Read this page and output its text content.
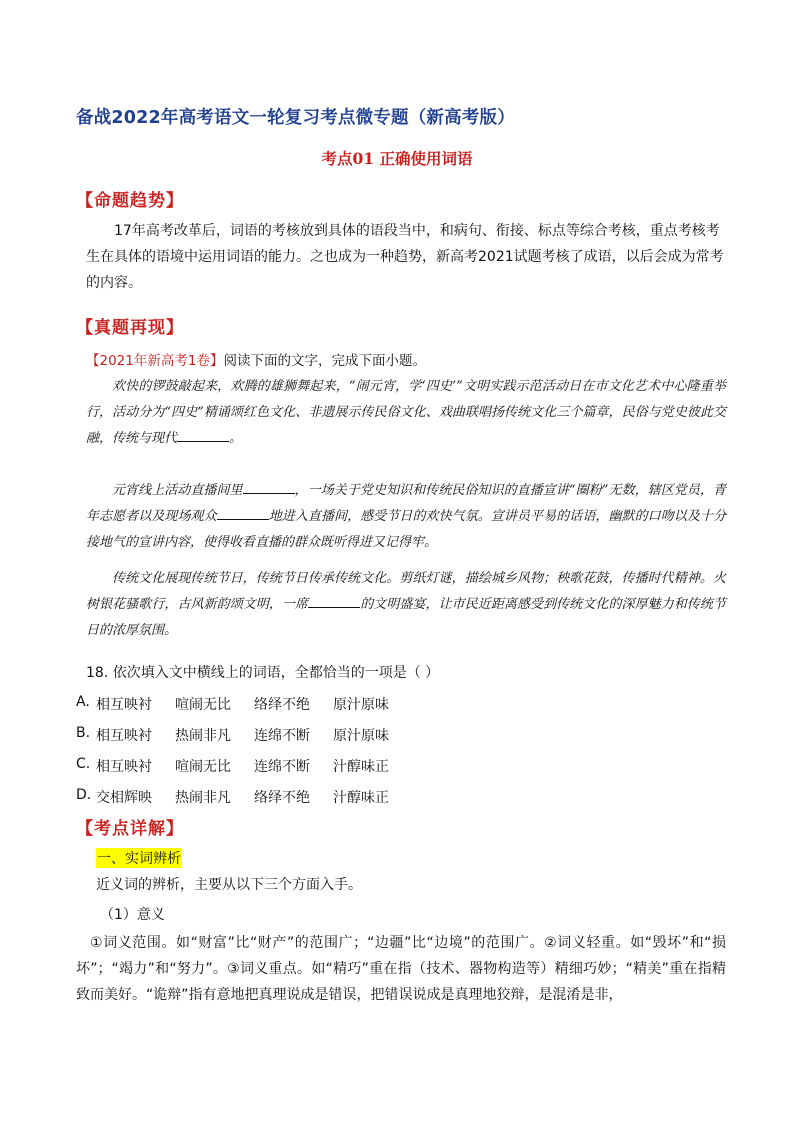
备战2022年高考语文一轮复习考点微专题（新高考版）
考点01 正确使用词语
【命题趋势】
17年高考改革后，词语的考核放到具体的语段当中，和病句、衔接、标点等综合考核，重点考核考生在具体的语境中运用词语的能力。之也成为一种趋势，新高考2021试题考核了成语，以后会成为常考的内容。
【真题再现】
【2021年新高考1卷】阅读下面的文字，完成下面小题。
欢快的锣鼓敲起来，欢腾的雄狮舞起来，“闹元宵，学‘四史’”文明实践示范活动日在市文化艺术中心隆重举行，活动分为“四史”精诵颂红色文化、非遗展示传民俗文化、戏曲联唱扬传统文化三个篇章，民俗与党史彼此交融，传统与现代	。
元宵线上活动直播间里	，一场关于党史知识和传统民俗知识的直播宣讲“圈粉”无数，辖区党员，青年志愿者以及现场观众	地进入直播间，感受节日的欢快气氛。宣讲员平易的话语，幽默的口吻以及十分接地气的宣讲内容，使得收看直播的群众既听得进又记得牢。
传统文化展现传统节日，传统节日传承传统文化。剪纸灯谜，描绘城乡风物；秧歌花鼓，传播时代精神。火树银花骚歌行，古风新韵颂文明，一席	的文明盛宴，让市民近距离感受到传统文化的深厚魅力和传统节日的浓厚氛围。
18. 依次填入文中横线上的词语，全都恰当的一项是（ ）
A. 相互映衬	喧闹无比	络绎不绝	原汁原味
B. 相互映衬	热闹非凡	连绵不断	原汁原味
C. 相互映衬	喧闹无比	连绵不断	汁醇味正
D. 交相辉映	热闹非凡	络绎不绝	汁醇味正
【考点详解】
一、实词辨析
近义词的辨析，主要从以下三个方面入手。
（1）意义
①词义范围。如“财富”比“财产”的范围广；“边疆”比“边境”的范围广。②词义轻重。如“毁坏”和“损坏”；“竭力”和“努力”。③词义重点。如“精巧”重在指（技术、器物构造等）精细巧妙；“精美”重在指精致而美好。“诡辩”指有意地把真理说成是错误，把错误说成是真理地狡辩，是混淆是非，
